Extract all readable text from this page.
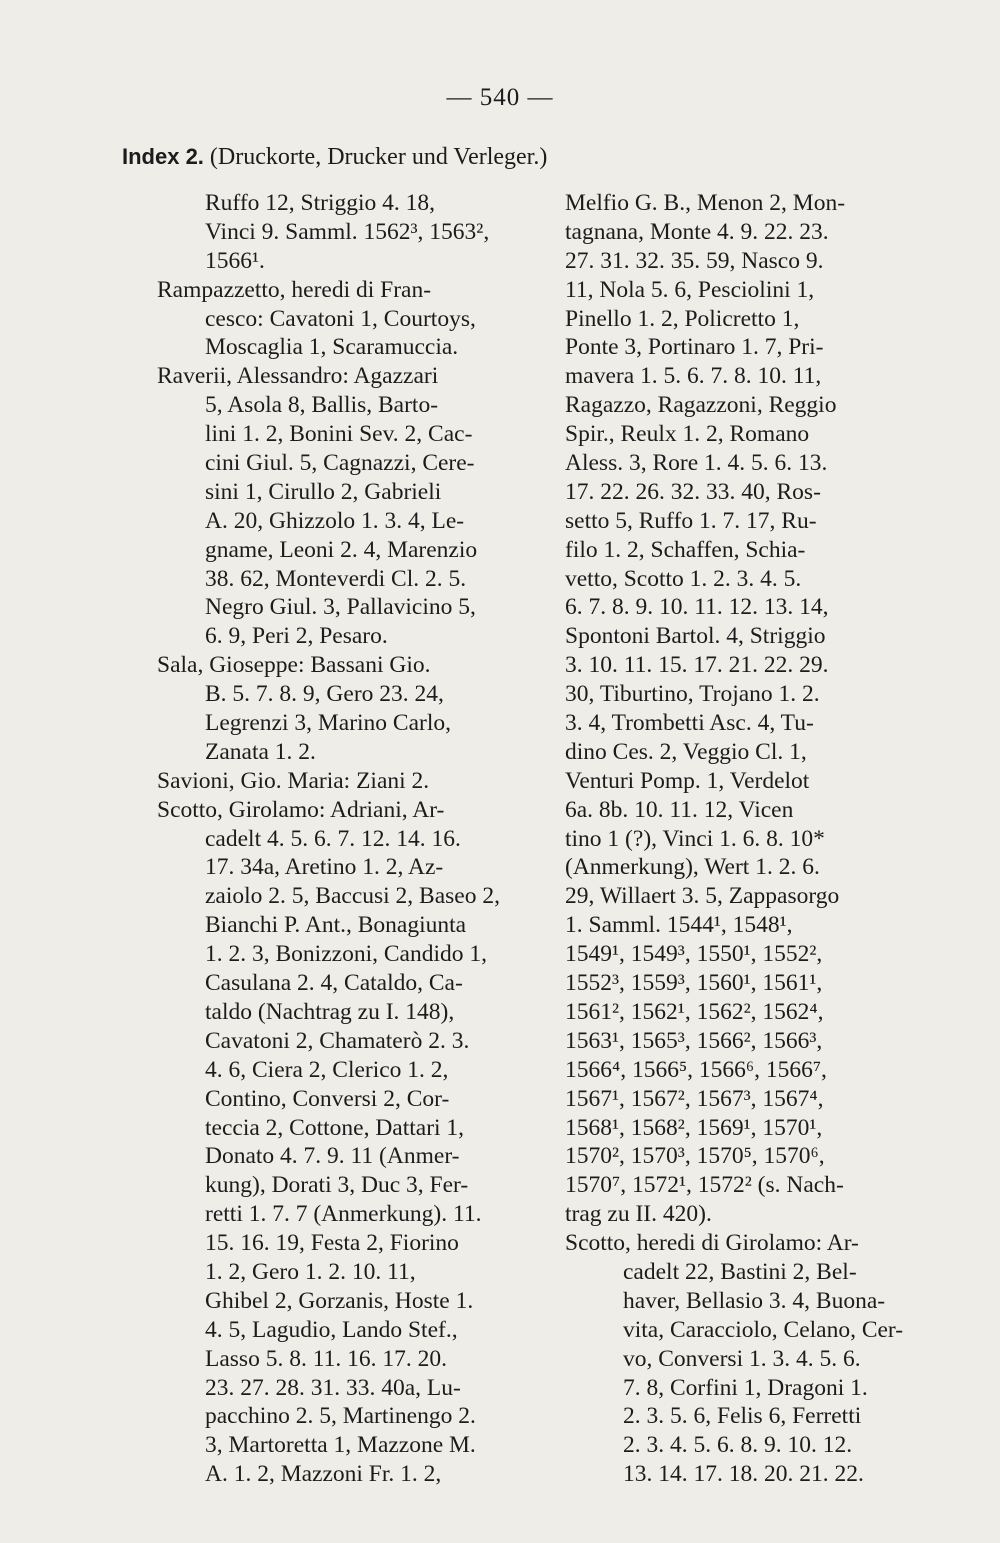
— 540 —
Index 2. (Druckorte, Drucker und Verleger.)
Ruffo 12, Striggio 4. 18,
Vinci 9. Samml. 1562³, 1563²,
1566¹.
Rampazzetto, heredi di Fran-
cesco: Cavatoni 1, Courtoys,
Moscaglia 1, Scaramuccia.
Raverii, Alessandro: Agazzari
5, Asola 8, Ballis, Barto-
lini 1. 2, Bonini Sev. 2, Cac-
cini Giul. 5, Cagnazzi, Cere-
sini 1, Cirullo 2, Gabrieli
A. 20, Ghizzolo 1. 3. 4, Le-
gname, Leoni 2. 4, Marenzio
38. 62, Monteverdi Cl. 2. 5.
Negro Giul. 3, Pallavicino 5,
6. 9, Peri 2, Pesaro.
Sala, Gioseppe: Bassani Gio.
B. 5. 7. 8. 9, Gero 23. 24,
Legrenzi 3, Marino Carlo,
Zanata 1. 2.
Savioni, Gio. Maria: Ziani 2.
Scotto, Girolamo: Adriani, Ar-
cadelt 4. 5. 6. 7. 12. 14. 16.
17. 34a, Aretino 1. 2, Az-
zaiolo 2. 5, Baccusi 2, Baseo 2,
Bianchi P. Ant., Bonagiunta
1. 2. 3, Bonizzoni, Candido 1,
Casulana 2. 4, Cataldo, Ca-
taldo (Nachtrag zu I. 148),
Cavatoni 2, Chamaterò 2. 3.
4. 6, Ciera 2, Clerico 1. 2,
Contino, Conversi 2, Cor-
teccia 2, Cottone, Dattari 1,
Donato 4. 7. 9. 11 (Anmer-
kung), Dorati 3, Duc 3, Fer-
retti 1. 7. 7 (Anmerkung). 11.
15. 16. 19, Festa 2, Fiorino
1. 2, Gero 1. 2. 10. 11,
Ghibel 2, Gorzanis, Hoste 1.
4. 5, Lagudio, Lando Stef.,
Lasso 5. 8. 11. 16. 17. 20.
23. 27. 28. 31. 33. 40a, Lu-
pacchino 2. 5, Martinengo 2.
3, Martoretta 1, Mazzone M.
A. 1. 2, Mazzoni Fr. 1. 2,
Melfio G. B., Menon 2, Mon-
tagnana, Monte 4. 9. 22. 23.
27. 31. 32. 35. 59, Nasco 9.
11, Nola 5. 6, Pesciolini 1,
Pinello 1. 2, Policretto 1,
Ponte 3, Portinaro 1. 7, Pri-
mavera 1. 5. 6. 7. 8. 10. 11,
Ragazzo, Ragazzoni, Reggio
Spir., Reulx 1. 2, Romano
Aless. 3, Rore 1. 4. 5. 6. 13.
17. 22. 26. 32. 33. 40, Ros-
setto 5, Ruffo 1. 7. 17, Ru-
filo 1. 2, Schaffen, Schia-
vetto, Scotto 1. 2. 3. 4. 5.
6. 7. 8. 9. 10. 11. 12. 13. 14,
Spontoni Bartol. 4, Striggio
3. 10. 11. 15. 17. 21. 22. 29.
30, Tiburtino, Trojano 1. 2.
3. 4, Trombetti Asc. 4, Tu-
dino Ces. 2, Veggio Cl. 1,
Venturi Pomp. 1, Verdelot
6a. 8b. 10. 11. 12, Vicen
tino 1 (?), Vinci 1. 6. 8. 10*
(Anmerkung), Wert 1. 2. 6.
29, Willaert 3. 5, Zappasorgo
1. Samml. 1544¹, 1548¹,
1549¹, 1549³, 1550¹, 1552²,
1552³, 1559³, 1560¹, 1561¹,
1561², 1562¹, 1562², 1562⁴,
1563¹, 1565³, 1566², 1566³,
1566⁴, 1566⁵, 1566⁶, 1566⁷,
1567¹, 1567², 1567³, 1567⁴,
1568¹, 1568², 1569¹, 1570¹,
1570², 1570³, 1570⁵, 1570⁶,
1570⁷, 1572¹, 1572² (s. Nach-
trag zu II. 420).
Scotto, heredi di Girolamo: Ar-
cadelt 22, Bastini 2, Bel-
haver, Bellasio 3. 4, Buona-
vita, Caracciolo, Celano, Cer-
vo, Conversi 1. 3. 4. 5. 6.
7. 8, Corfini 1, Dragoni 1.
2. 3. 5. 6, Felis 6, Ferretti
2. 3. 4. 5. 6. 8. 9. 10. 12.
13. 14. 17. 18. 20. 21. 22.
